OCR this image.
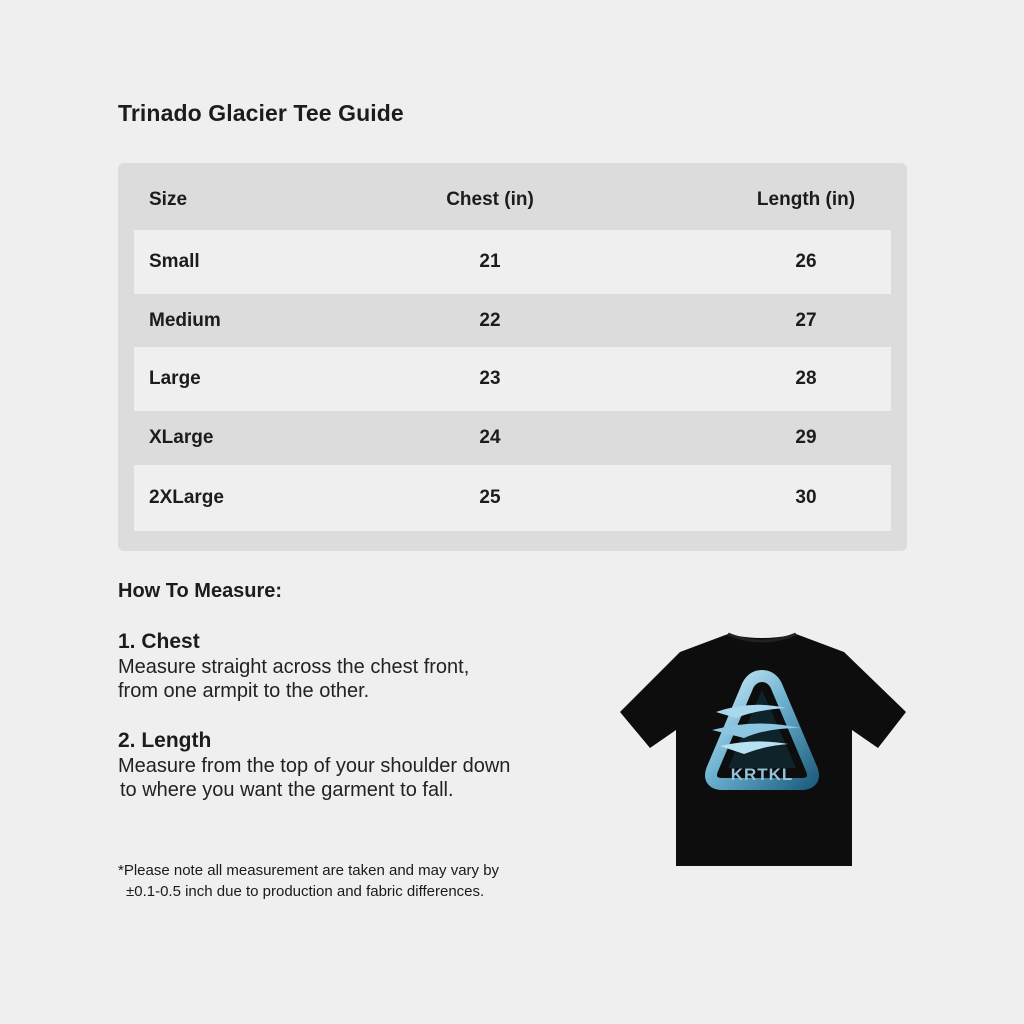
Trinado Glacier Tee Guide
Size	Chest (in)	Length (in)
Small	21	26
Medium	22	27
Large	23	28
XLarge	24	29
2XLarge	25	30
How To Measure:
1. Chest
Measure straight across the chest front,
from one armpit to the other.
2. Length
Measure from the top of your shoulder down
to where you want the garment to fall.
*Please note all measurement are taken and may vary by
±0.1-0.5 inch due to production and fabric differences.
KRTKL
